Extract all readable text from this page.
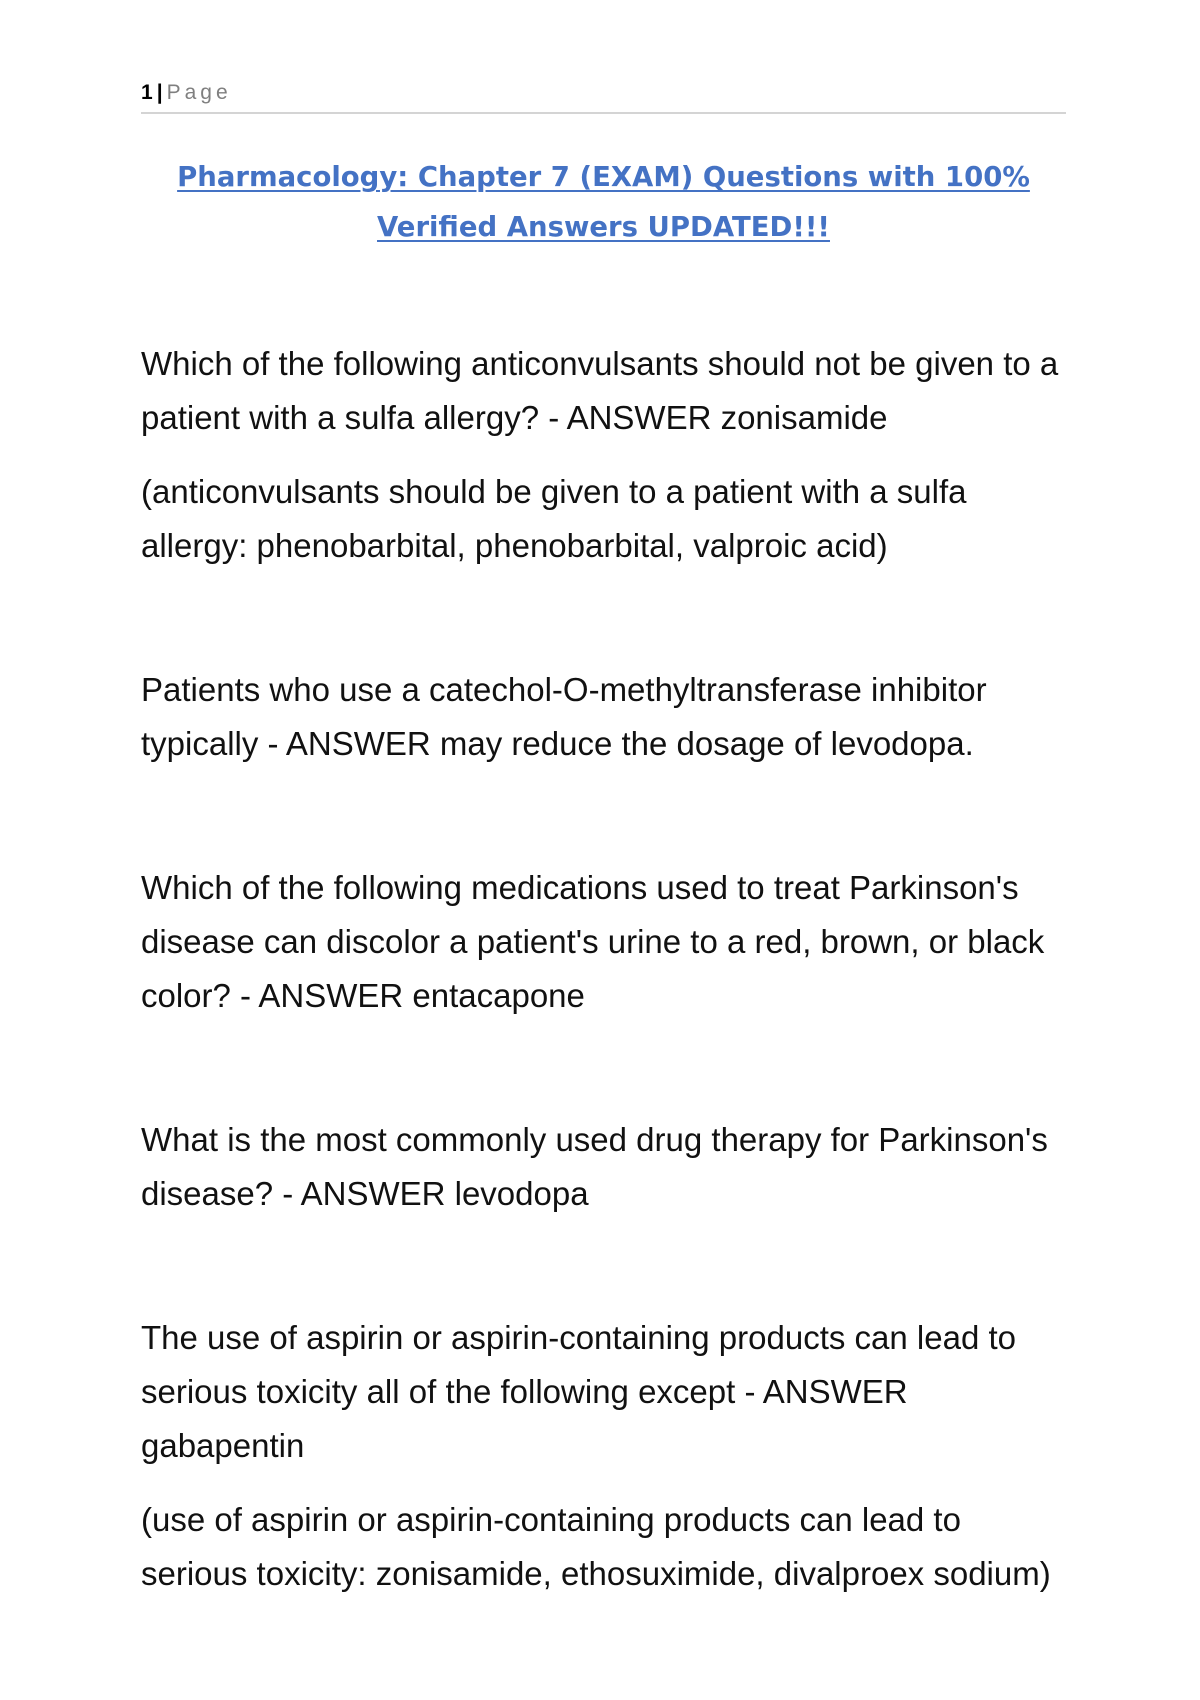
1 | Page
Pharmacology: Chapter 7 (EXAM) Questions with 100%
Verified Answers UPDATED!!!

Which of the following anticonvulsants should not be given to a patient with a sulfa allergy? - ANSWER zonisamide

(anticonvulsants should be given to a patient with a sulfa allergy: phenobarbital, phenobarbital, valproic acid)

Patients who use a catechol-O-methyltransferase inhibitor typically - ANSWER may reduce the dosage of levodopa.

Which of the following medications used to treat Parkinson's disease can discolor a patient's urine to a red, brown, or black color? - ANSWER entacapone

What is the most commonly used drug therapy for Parkinson's disease? - ANSWER levodopa

The use of aspirin or aspirin-containing products can lead to serious toxicity all of the following except - ANSWER gabapentin

(use of aspirin or aspirin-containing products can lead to serious toxicity: zonisamide, ethosuximide, divalproex sodium)
